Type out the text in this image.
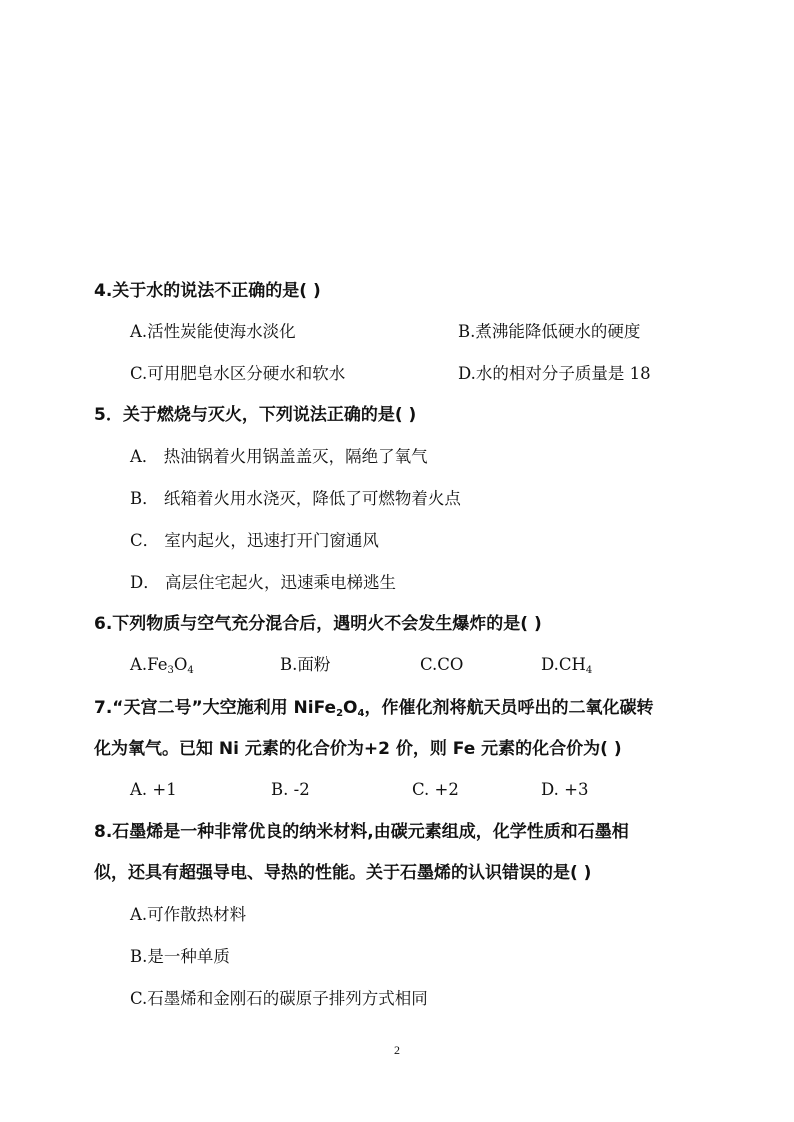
4.关于水的说法不正确的是( )
A.活性炭能使海水淡化	B.煮沸能降低硬水的硬度
C.可用肥皂水区分硬水和软水	D.水的相对分子质量是 18
5．关于燃烧与灭火，下列说法正确的是( )
A． 热油锅着火用锅盖盖灭，隔绝了氧气
B． 纸箱着火用水浇灭，降低了可燃物着火点
C． 室内起火，迅速打开门窗通风
D． 高层住宅起火，迅速乘电梯逃生
6.下列物质与空气充分混合后，遇明火不会发生爆炸的是( )
$A.Fe_3O_4$	B.面粉	C.CO	$D.CH_4$
7.“天宫二号”大空施利用 $NiFe_2O_4$，作催化剂将航天员呼出的二氧化碳转
化为氧气。已知 Ni 元素的化合价为+2 价，则 Fe 元素的化合价为( )
A. +1	B. -2	C. +2	D. +3
8.石墨烯是一种非常优良的纳米材料,由碳元素组成，化学性质和石墨相
似，还具有超强导电、导热的性能。关于石墨烯的认识错误的是( )
A.可作散热材料
B.是一种单质
C.石墨烯和金刚石的碳原子排列方式相同
2
